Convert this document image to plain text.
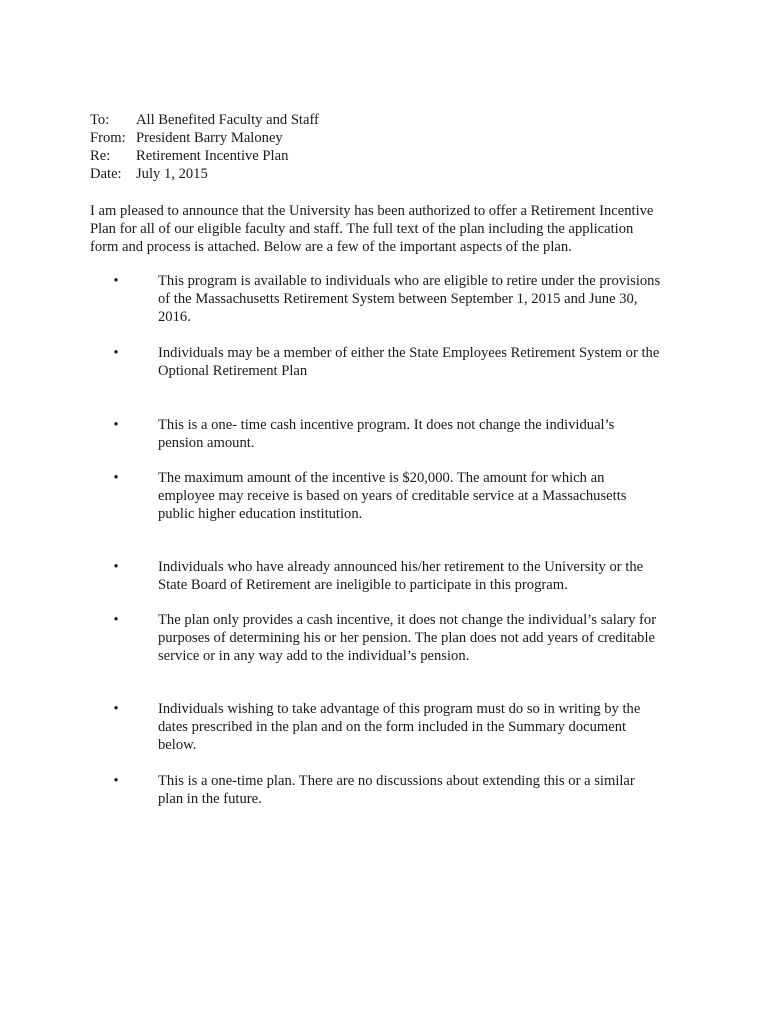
To:	All Benefited Faculty and Staff
From: President Barry Maloney
Re:	Retirement Incentive Plan
Date: July 1, 2015
I am pleased to announce that the University has been authorized to offer a Retirement Incentive
Plan for all of our eligible faculty and staff. The full text of the plan including the application
form and process is attached. Below are a few of the important aspects of the plan.
•	This program is available to individuals who are eligible to retire under the provisions
of the Massachusetts Retirement System between September 1, 2015 and June 30,
2016.
•	Individuals may be a member of either the State Employees Retirement System or the
Optional Retirement Plan
•	This is a one- time cash incentive program. It does not change the individual’s
pension amount.
•	The maximum amount of the incentive is $20,000. The amount for which an
employee may receive is based on years of creditable service at a Massachusetts
public higher education institution.
•	Individuals who have already announced his/her retirement to the University or the
State Board of Retirement are ineligible to participate in this program.
•	The plan only provides a cash incentive, it does not change the individual’s salary for
purposes of determining his or her pension. The plan does not add years of creditable
service or in any way add to the individual’s pension.
•	Individuals wishing to take advantage of this program must do so in writing by the
dates prescribed in the plan and on the form included in the Summary document
below.
•	This is a one-time plan. There are no discussions about extending this or a similar
plan in the future.
